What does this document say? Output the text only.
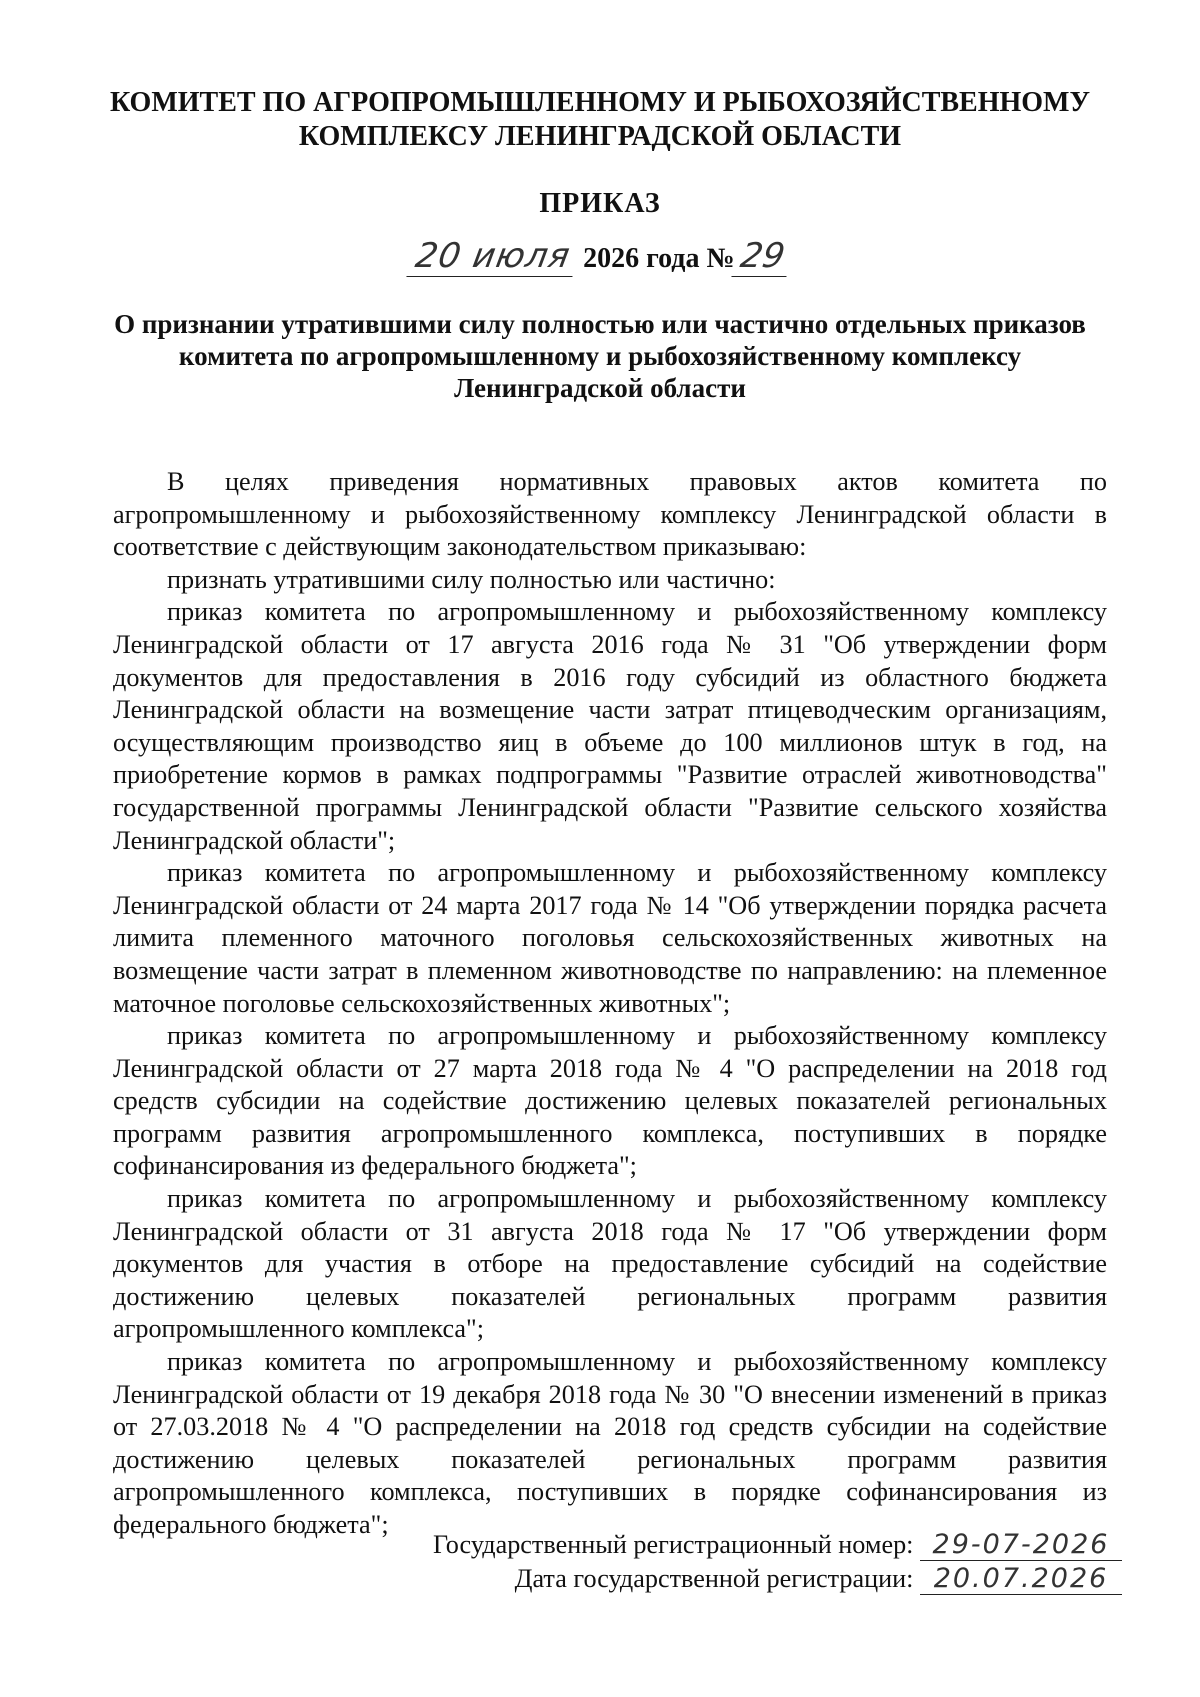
КОМИТЕТ ПО АГРОПРОМЫШЛЕННОМУ И РЫБОХОЗЯЙСТВЕННОМУ КОМПЛЕКСУ ЛЕНИНГРАДСКОЙ ОБЛАСТИ
ПРИКАЗ
20 июля 2026 года №29
О признании утратившими силу полностью или частично отдельных приказов комитета по агропромышленному и рыбохозяйственному комплексу Ленинградской области

В целях приведения нормативных правовых актов комитета по агропромышленному и рыбохозяйственному комплексу Ленинградской области в соответствие с действующим законодательством приказываю:

признать утратившими силу полностью или частично:

приказ комитета по агропромышленному и рыбохозяйственному комплексу Ленинградской области от 17 августа 2016 года № 31 "Об утверждении форм документов для предоставления в 2016 году субсидий из областного бюджета Ленинградской области на возмещение части затрат птицеводческим организациям, осуществляющим производство яиц в объеме до 100 миллионов штук в год, на приобретение кормов в рамках подпрограммы "Развитие отраслей животноводства" государственной программы Ленинградской области "Развитие сельского хозяйства Ленинградской области";

приказ комитета по агропромышленному и рыбохозяйственному комплексу Ленинградской области от 24 марта 2017 года № 14 "Об утверждении порядка расчета лимита племенного маточного поголовья сельскохозяйственных животных на возмещение части затрат в племенном животноводстве по направлению: на племенное маточное поголовье сельскохозяйственных животных";

приказ комитета по агропромышленному и рыбохозяйственному комплексу Ленинградской области от 27 марта 2018 года № 4 "О распределении на 2018 год средств субсидии на содействие достижению целевых показателей региональных программ развития агропромышленного комплекса, поступивших в порядке софинансирования из федерального бюджета";

приказ комитета по агропромышленному и рыбохозяйственному комплексу Ленинградской области от 31 августа 2018 года № 17 "Об утверждении форм документов для участия в отборе на предоставление субсидий на содействие достижению целевых показателей региональных программ развития агропромышленного комплекса";

приказ комитета по агропромышленному и рыбохозяйственному комплексу Ленинградской области от 19 декабря 2018 года № 30 "О внесении изменений в приказ от 27.03.2018 № 4 "О распределении на 2018 год средств субсидии на содействие достижению целевых показателей региональных программ развития агропромышленного комплекса, поступивших в порядке софинансирования из федерального бюджета";

Государственный регистрационный номер: 29-07-2026
Дата государственной регистрации: 20.07.2026
